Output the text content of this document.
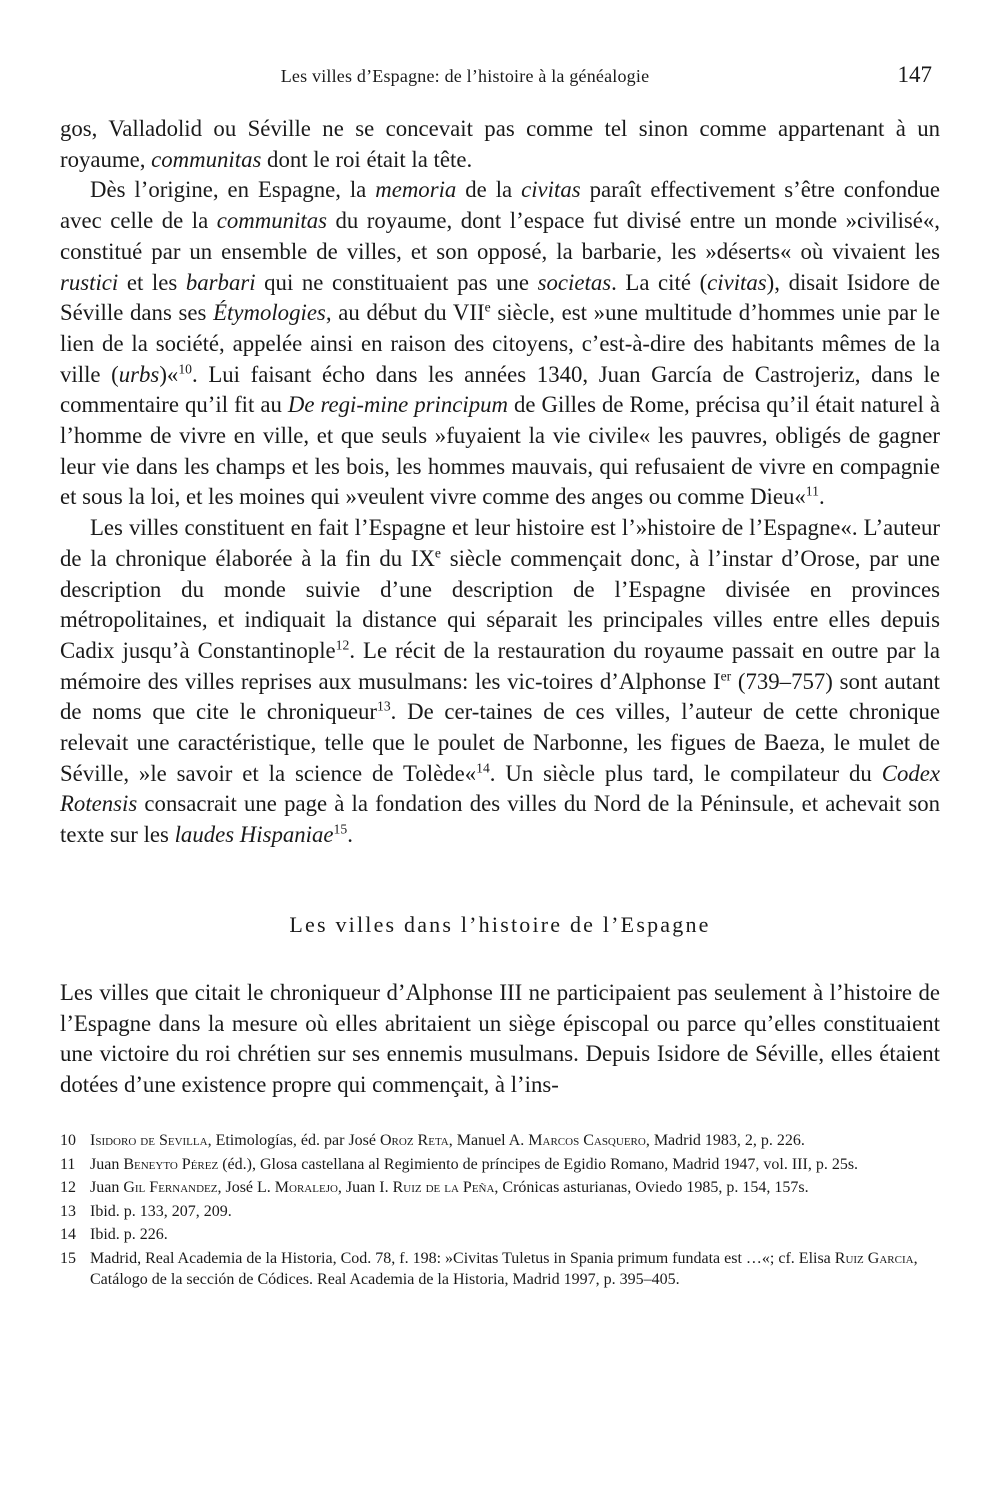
Les villes d’Espagne: de l’histoire à la généalogie	147

gos, Valladolid ou Séville ne se concevait pas comme tel sinon comme appartenant à un royaume, communitas dont le roi était la tête.

Dès l’origine, en Espagne, la memoria de la civitas paraît effectivement s’être confondue avec celle de la communitas du royaume, dont l’espace fut divisé entre un monde »civilisé«, constitué par un ensemble de villes, et son opposé, la barbarie, les »déserts« où vivaient les rustici et les barbari qui ne constituaient pas une societas. La cité (civitas), disait Isidore de Séville dans ses Étymologies, au début du VIIe siècle, est »une multitude d’hommes unie par le lien de la société, appelée ainsi en raison des citoyens, c’est-à-dire des habitants mêmes de la ville (urbs)«$^{10}$. Lui faisant écho dans les années 1340, Juan García de Castrojeriz, dans le commentaire qu’il fit au De regi-mine principum de Gilles de Rome, précisa qu’il était naturel à l’homme de vivre en ville, et que seuls »fuyaient la vie civile« les pauvres, obligés de gagner leur vie dans les champs et les bois, les hommes mauvais, qui refusaient de vivre en compagnie et sous la loi, et les moines qui »veulent vivre comme des anges ou comme Dieu«$^{11}$.

Les villes constituent en fait l’Espagne et leur histoire est l’»histoire de l’Espagne«. L’auteur de la chronique élaborée à la fin du IXe siècle commençait donc, à l’instar d’Orose, par une description du monde suivie d’une description de l’Espagne divisée en provinces métropolitaines, et indiquait la distance qui séparait les principales villes entre elles depuis Cadix jusqu’à Constantinople$^{12}$. Le récit de la restauration du royaume passait en outre par la mémoire des villes reprises aux musulmans: les vic-toires d’Alphonse Ier (739–757) sont autant de noms que cite le chroniqueur$^{13}$. De cer-taines de ces villes, l’auteur de cette chronique relevait une caractéristique, telle que le poulet de Narbonne, les figues de Baeza, le mulet de Séville, »le savoir et la science de Tolède«$^{14}$. Un siècle plus tard, le compilateur du Codex Rotensis consacrait une page à la fondation des villes du Nord de la Péninsule, et achevait son texte sur les laudes Hispaniae$^{15}$.

Les villes dans l’histoire de l’Espagne

Les villes que citait le chroniqueur d’Alphonse III ne participaient pas seulement à l’histoire de l’Espagne dans la mesure où elles abritaient un siège épiscopal ou parce qu’elles constituaient une victoire du roi chrétien sur ses ennemis musulmans. Depuis Isidore de Séville, elles étaient dotées d’une existence propre qui commençait, à l’ins-

10 Isidoro de Sevilla, Etimologías, éd. par José Oroz Reta, Manuel A. Marcos Casquero, Madrid 1983, 2, p. 226.
11 Juan Beneyto Pérez (éd.), Glosa castellana al Regimiento de príncipes de Egidio Romano, Madrid 1947, vol. III, p. 25s.
12 Juan Gil Fernandez, José L. Moralejo, Juan I. Ruiz de la Peña, Crónicas asturianas, Oviedo 1985, p. 154, 157s.
13 Ibid. p. 133, 207, 209.
14 Ibid. p. 226.
15 Madrid, Real Academia de la Historia, Cod. 78, f. 198: »Civitas Tuletus in Spania primum fundata est …«; cf. Elisa Ruiz Garcia, Catálogo de la sección de Códices. Real Academia de la Historia, Madrid 1997, p. 395–405.
